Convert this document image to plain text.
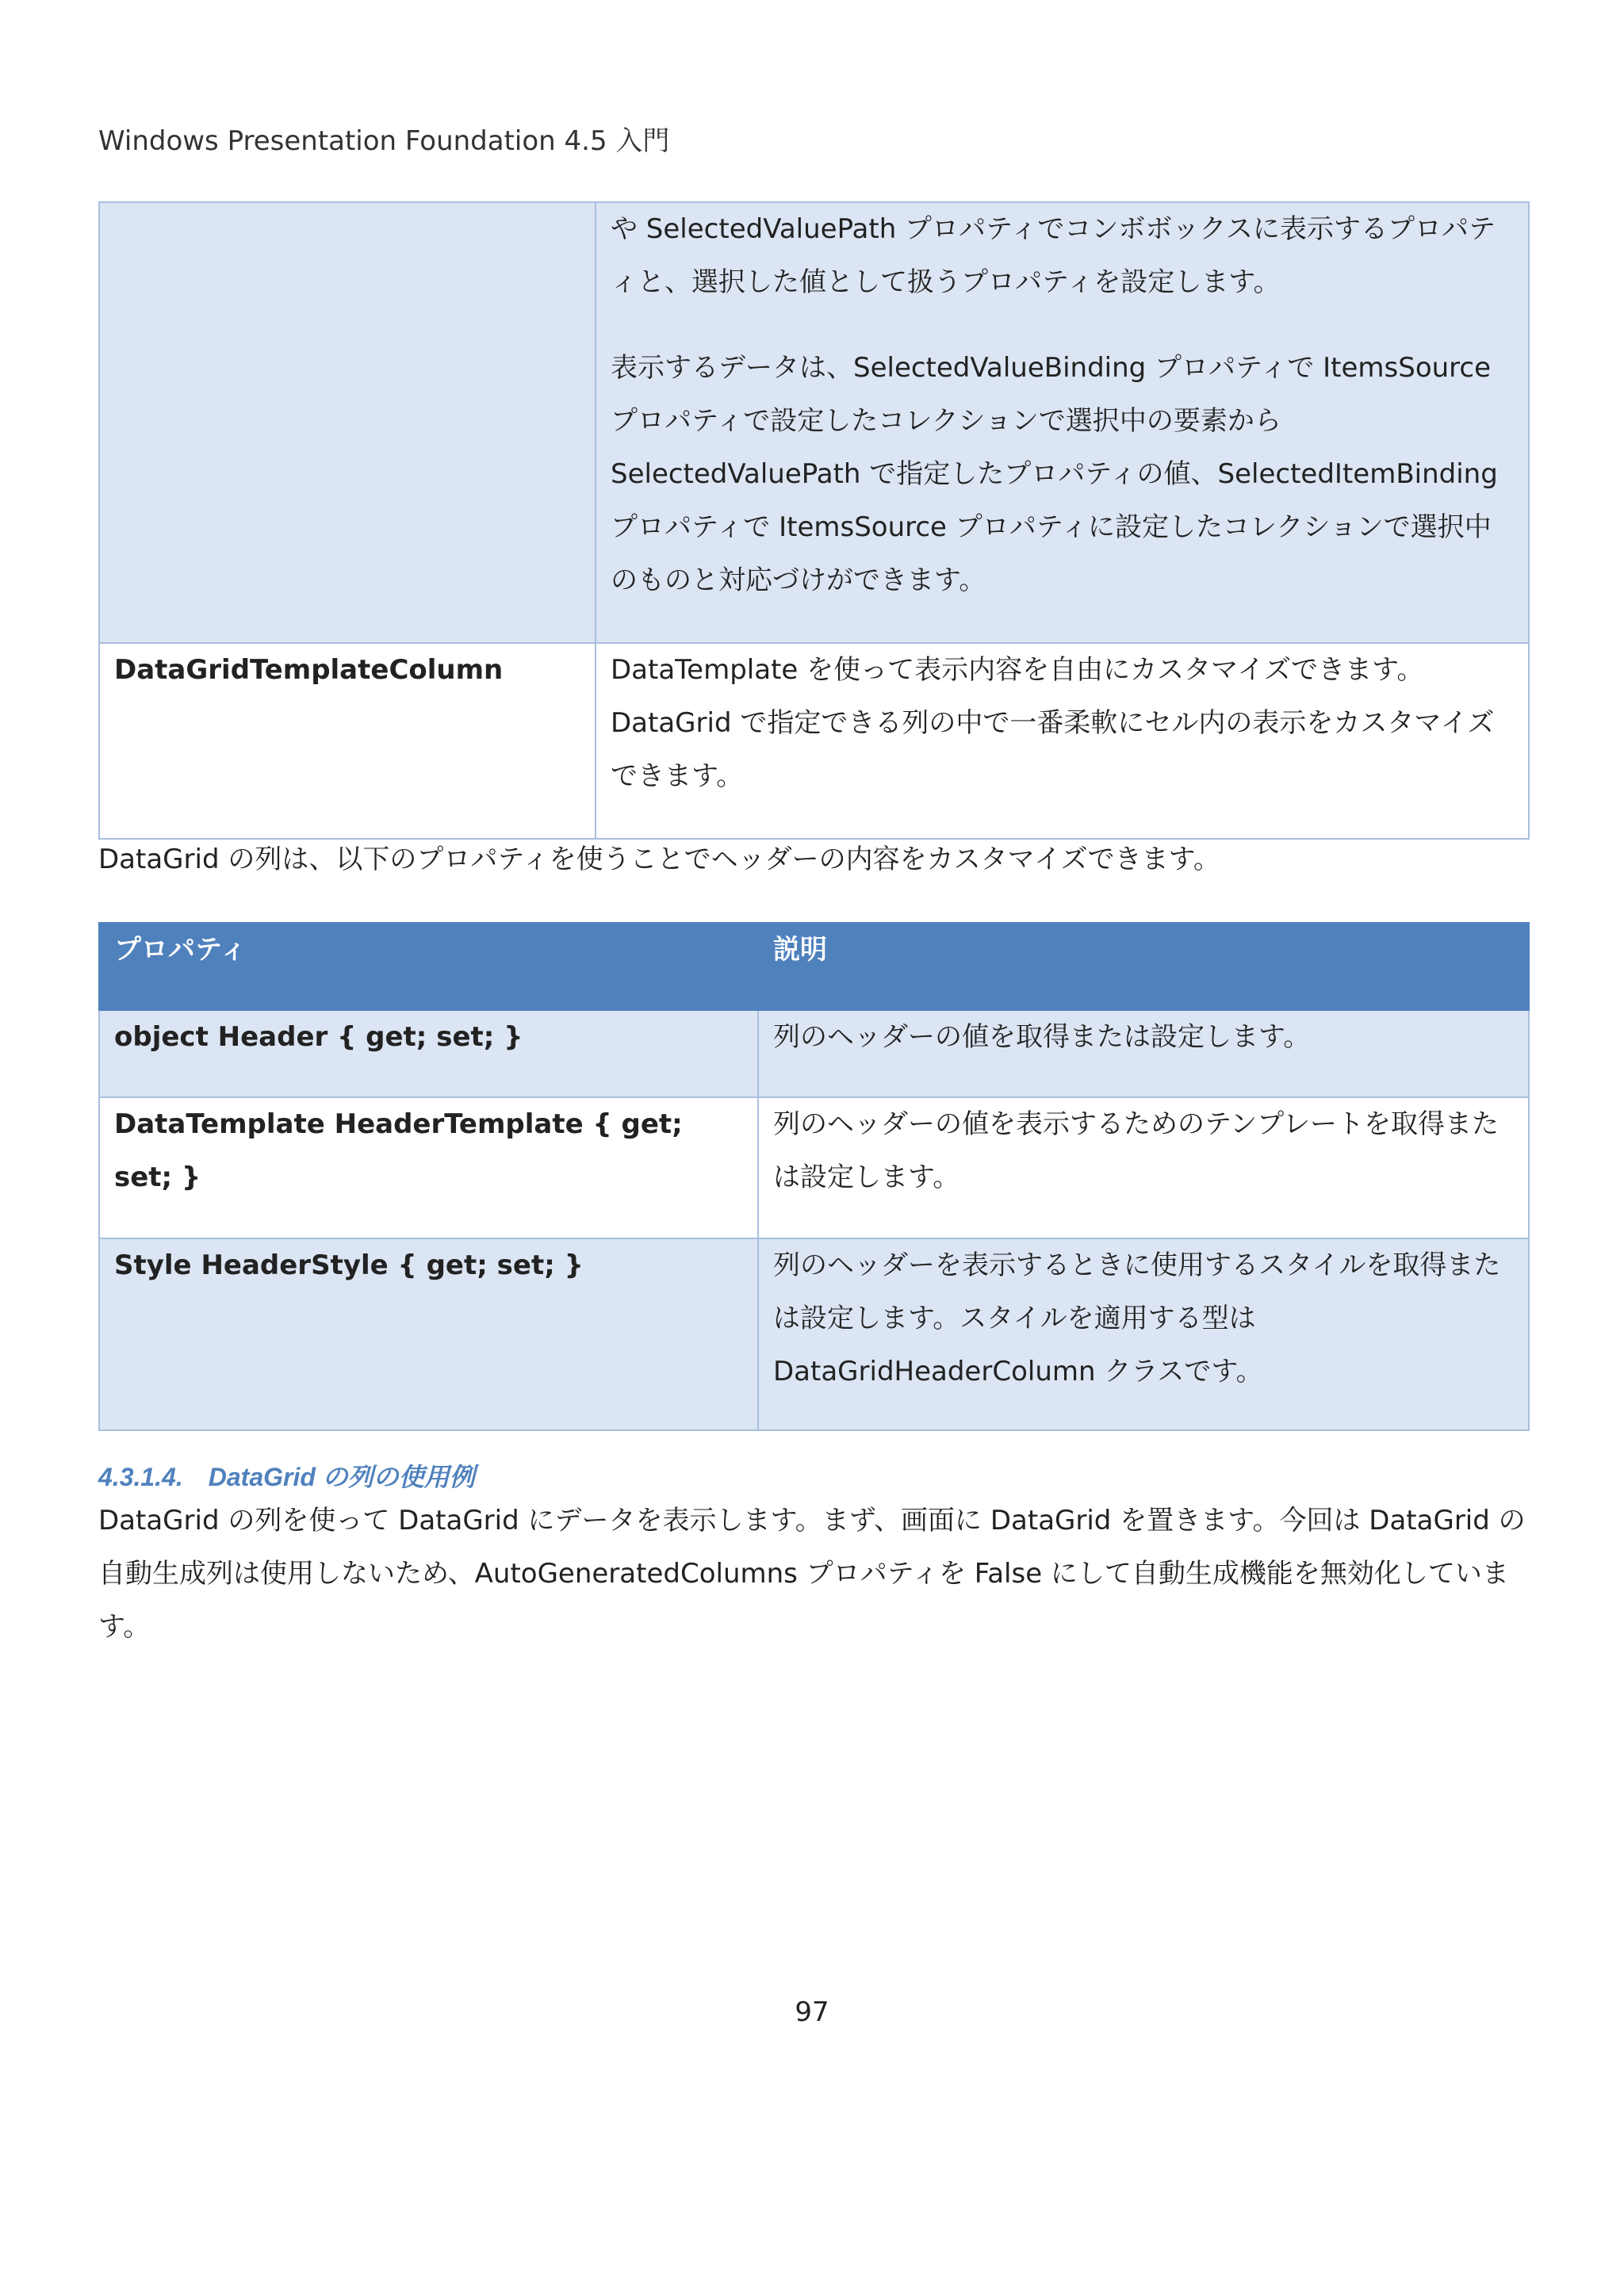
Windows Presentation Foundation 4.5 入門

	や SelectedValuePath プロパティでコンボボックスに表示するプロパティと、選択した値として扱うプロパティを設定します。

表示するデータは、SelectedValueBinding プロパティで ItemsSource プロパティで設定したコレクションで選択中の要素から SelectedValuePath で指定したプロパティの値、SelectedItemBinding プロパティで ItemsSource プロパティに設定したコレクションで選択中のものと対応づけができます。

DataGridTemplateColumn	DataTemplate を使って表示内容を自由にカスタマイズできます。DataGrid で指定できる列の中で一番柔軟にセル内の表示をカスタマイズできます。
DataGrid の列は、以下のプロパティを使うことでヘッダーの内容をカスタマイズできます。
プロパティ	説明
object Header { get; set; }	列のヘッダーの値を取得または設定します。
DataTemplate HeaderTemplate { get; set; }	列のヘッダーの値を表示するためのテンプレートを取得または設定します。
Style HeaderStyle { get; set; }	列のヘッダーを表示するときに使用するスタイルを取得または設定します。スタイルを適用する型は DataGridHeaderColumn クラスです。
4.3.1.4. DataGrid の列の使用例
DataGrid の列を使って DataGrid にデータを表示します。まず、画面に DataGrid を置きます。今回は DataGrid の自動生成列は使用しないため、AutoGeneratedColumns プロパティを False にして自動生成機能を無効化しています。
97
